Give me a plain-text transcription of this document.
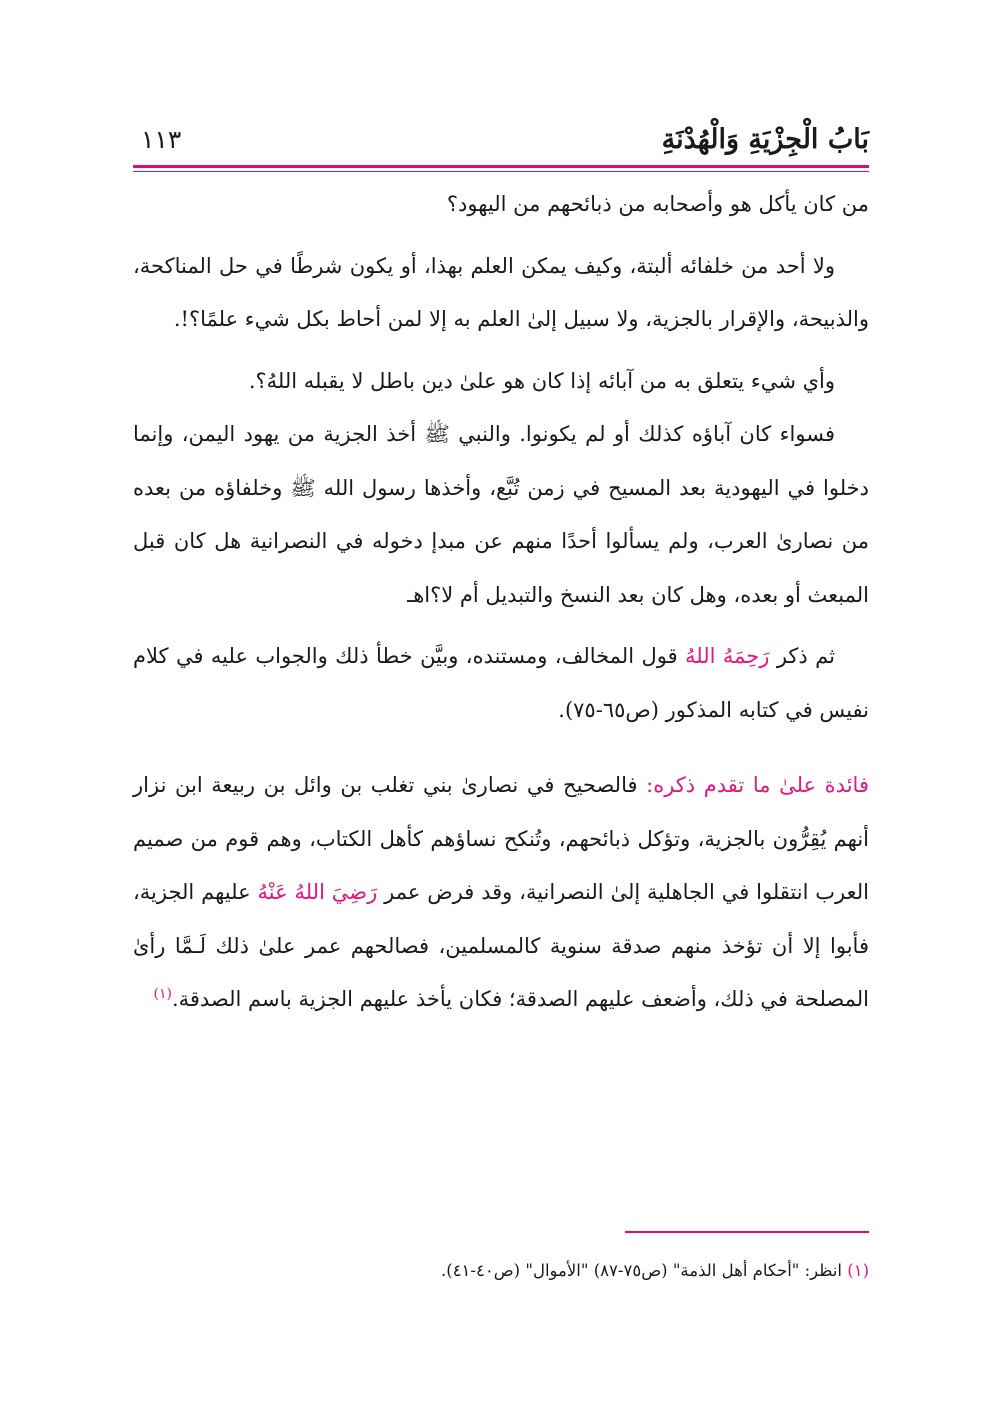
بَابُ الْجِزْيَةِ وَالْهُدْنَةِ
١١٣

من كان يأكل هو وأصحابه من ذبائحهم من اليهود؟

ولا أحد من خلفائه ألبتة، وكيف يمكن العلم بهذا، أو يكون شرطًا في حل المناكحة، والذبيحة، والإقرار بالجزية، ولا سبيل إلىٰ العلم به إلا لمن أحاط بكل شيء علمًا؟!.

وأي شيء يتعلق به من آبائه إذا كان هو علىٰ دين باطل لا يقبله اللهُ؟.

فسواء كان آباؤه كذلك أو لم يكونوا. والنبي ﷺ أخذ الجزية من يهود اليمن، وإنما دخلوا في اليهودية بعد المسيح في زمن تُبَّع، وأخذها رسول الله ﷺ وخلفاؤه من بعده من نصارىٰ العرب، ولم يسألوا أحدًا منهم عن مبدإ دخوله في النصرانية هل كان قبل المبعث أو بعده، وهل كان بعد النسخ والتبديل أم لا؟اهـ

ثم ذكر رَحِمَهُ اللهُ قول المخالف، ومستنده، وبيَّن خطأ ذلك والجواب عليه في كلام نفيس في كتابه المذكور (ص٦٥-٧٥).

فائدة علىٰ ما تقدم ذكره: فالصحيح في نصارىٰ بني تغلب بن وائل بن ربيعة ابن نزار أنهم يُقِرُّون بالجزية، وتؤكل ذبائحهم، وتُنكح نساؤهم كأهل الكتاب، وهم قوم من صميم العرب انتقلوا في الجاهلية إلىٰ النصرانية، وقد فرض عمر رَضِيَ اللهُ عَنْهُ عليهم الجزية، فأبوا إلا أن تؤخذ منهم صدقة سنوية كالمسلمين، فصالحهم عمر علىٰ ذلك لَـمَّا رأىٰ المصلحة في ذلك، وأضعف عليهم الصدقة؛ فكان يأخذ عليهم الجزية باسم الصدقة.$^{(١)}$

(١) انظر: "أحكام أهل الذمة" (ص٧٥-٨٧) "الأموال" (ص٤٠-٤١).
